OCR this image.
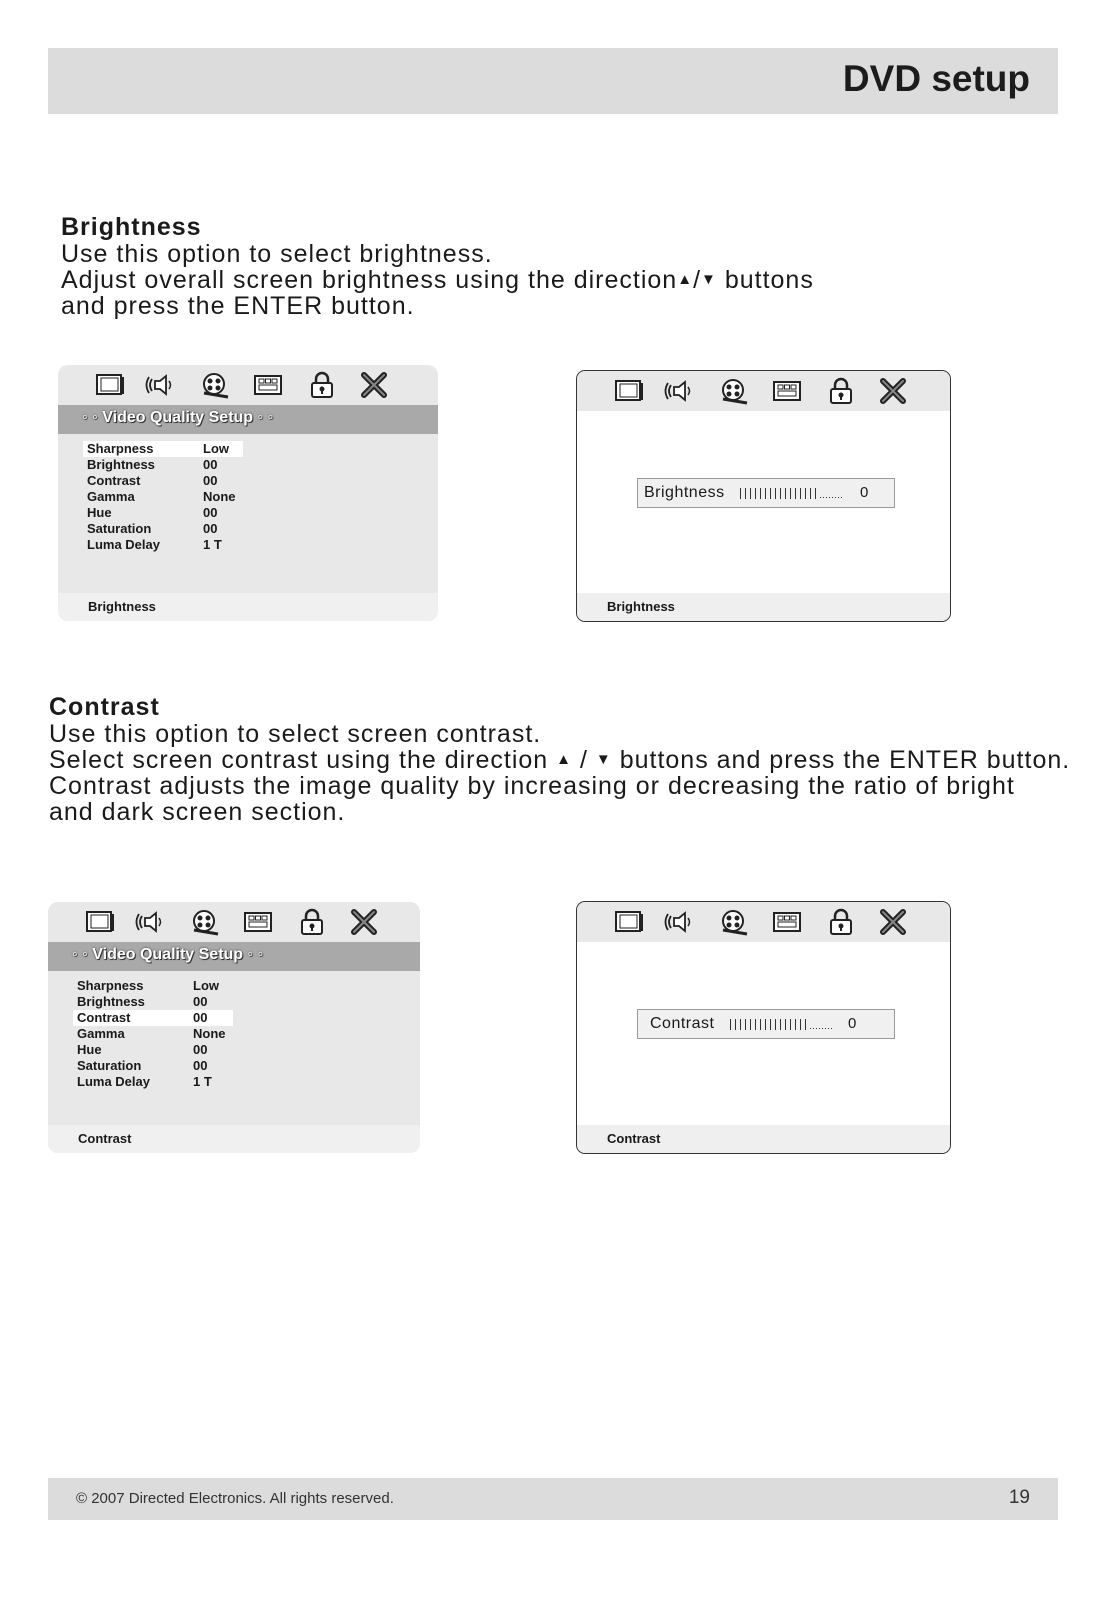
DVD setup
Brightness
Use this option to select brightness.
Adjust overall screen brightness using the direction▲/▼ buttons
and press the ENTER button.
◦ ◦ Video Quality Setup ◦ ◦
Sharpness	Low
Brightness	00
Contrast	00
Gamma	None
Hue	00
Saturation	00
Luma Delay	1 T
Brightness
Brightness	0
Brightness
Contrast
Use this option to select screen contrast.
Select screen contrast using the direction ▲ / ▼ buttons and press the ENTER button.
Contrast adjusts the image quality by increasing or decreasing the ratio of bright
and dark screen section.
◦ ◦ Video Quality Setup ◦ ◦
Sharpness	Low
Brightness	00
Contrast	00
Gamma	None
Hue	00
Saturation	00
Luma Delay	1 T
Contrast
Contrast	0
Contrast
© 2007 Directed Electronics. All rights reserved.	19
